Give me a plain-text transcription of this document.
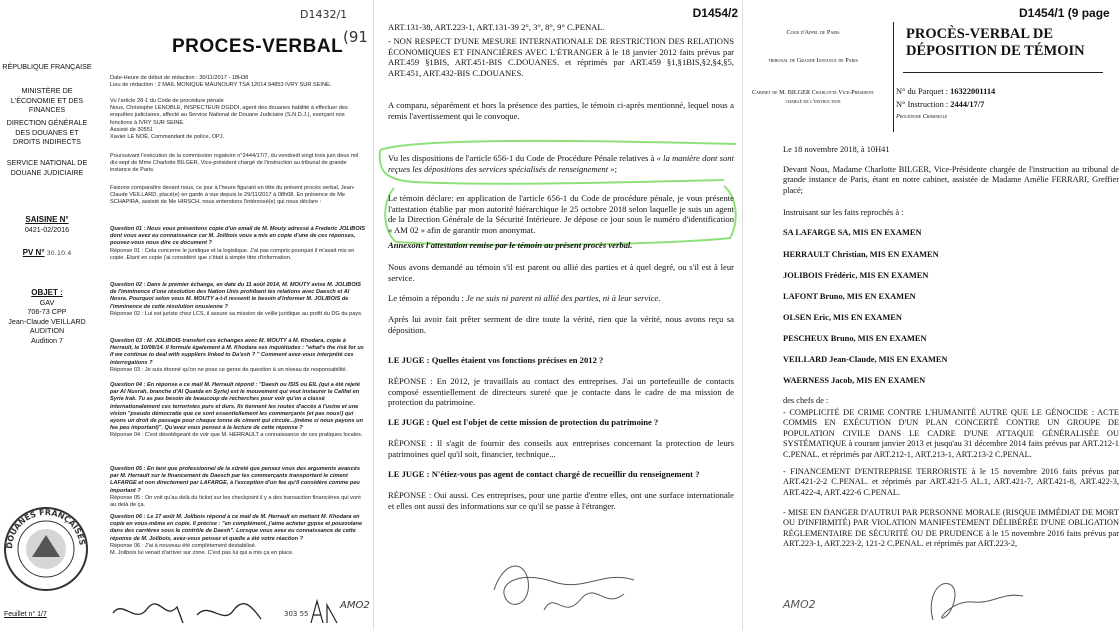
D1432/1
(91
PROCES-VERBAL
RÉPUBLIQUE FRANÇAISE
MINISTÈRE DE L'ÉCONOMIE ET DES FINANCES
DIRECTION GÉNÉRALE DES DOUANES ET DROITS INDIRECTS
SERVICE NATIONAL DE DOUANE JUDICIAIRE
SAISINE N°
0421-02/2016
PV N° 30.10.4
OBJET :
GAV
706-73 CPP
Jean-Claude VEILLARD
AUDITION
Audition 7
DOUANES FRANÇAISES
Feuillet n° 1/7
Date-Heure de début de rédaction : 30/11/2017 - 18H38
Lieu de rédaction : 2 MAIL MONIQUE MAUNOURY TSA 12014 94853 IVRY SUR SEINE.
Vu l'article 28-1 du Code de procédure pénale
Nous, Christophe LENOBLE, INSPECTEUR DGDDI, agent des douanes habilité à effectuer des enquêtes judiciaires, affecté au Service National de Douane Judiciaire (S.N.D.J.), exerçant nos fonctions à IVRY SUR SEINE.
Assisté de 30551
Xavier LE NOË, Commandant de police, OPJ.
Poursuivant l'exécution de la commission rogatoire n°2444/17/7, du vendredi vingt trois juin deux mil dix-sept de Mme Charlotte BILGER, Vice-président chargé de l'instruction au tribunal de grande instance de Paris.
Faisons comparaître devant nous, ce jour à l'heure figurant en tête du présent procès verbal, Jean-Claude VEILLARD, placé(e) en garde à vue depuis le 29/11/2017 à 08h08. En présence de Me SCHAPIRA, assisté de Me HIRSCH, nous entendons l'intéressé(e) qui nous déclare :
Question 01 : Nous vous présentons copie d'un email de M. Mouty adressé à Frederic JOLIBOIS dont vous avez eu connaissance car M. Jolibois vous a mis en copie d'une de ces réponses, pouvez-vous nous dire ce document ?
Réponse 01 : Cela concerne le juridique et la logistique. J'ai pas compris pourquoi il m'avait mis en copie. Etant en copie j'ai considéré que c'était à simple titre d'information.
Question 02 : Dans le premier échange, en date du 11 août 2014, M. MOUTY avise M. JOLIBOIS de l'imminence d'une résolution des Nation Unis prohibant les relations avec Daesch et Al Nosra. Pourquoi selon vous M. MOUTY a-t-il ressenti le besoin d'informer M. JOLIBOIS de l'imminence de cette résolution onusienne ?
Réponse 02 : Lui est juriste chez LCS, il assure sa mission de veille juridique au profit du DG du pays.
Question 03 : M. JOLIBOIS transfert ces échanges avec M. MOUTY à M. Khodara, copie à Herrault, le 10/08/14. Il formule également à M. Khodara ses inquiétudes : "what's the risk for us if we continue to deal with suppliers linked to Da'esh ? " Comment avez-vous interprété ces interrogations ?
Réponse 03 : Je suis étonné qu'on ne pose ce genre de question à un niveau de responsabilité.
Question 04 : En réponse a ce mail M. Herrault répond : "Daesh ou ISIS ou EIL (qui a été rejeté par Al Nusrah, branche d'Al Quaida en Syrie) est le mouvement qui veut instaurer le Califat en Syrie Irak. Tu as pas besoin de beaucoup de recherches pour voir qu'on a classé internationalement ces terroristes purs et durs. Ils tiennent les routes d'accès à l'usine et une vision "pseudo démocratie que ce sont essentiellement les commerçants (et pas nous!) qui ayons un droit de passage pour chaque tonne de ciment qui circule...(même si nous payons un fee peu important)". Qu'avez vous pensez à la lecture de cette réponse ?
Réponse 04 : C'est désobligeant de voir que M. HERRAULT a connaissance de ces pratiques locales.
Question 05 : En tant que professionnel de la sûreté que pensez vous des arguments avancés par M. Herrault sur le financement de Daesch par les commerçants transportant le ciment LAFARGE et non directement par LAFARGE, à l'exception d'un fee qu'il considère comme peu important ?
Réponse 05 : On voit qu'au delà du ticket sur les checkpoint il y a des transaction financières qui vont au delà de ça.
Question 06 : Le 17 août M. Jolibois répond à ce mail de M. Herrault en mettant M. Khodara en copie en vous-même en copie. Il précise : "en complément, j'aime acheter gypse et pouzzolane dans des carrières sous le contrôle de Daesh". Lorsque vous avez eu connaissance de cette réponse de M. Jolibois, avez-vous pensez et quelle a été votre réaction ?
Réponse 06 : J'ai à nouveau été complètement destabilisé.
M. Jolibois lui venait d'arriver sur zone. C'est pas lui qui a mis ça en place.
303 55
AMO2
D1454/2
ART.131-38, ART.223-1, ART.131-39 2°, 3°, 8°, 9° C.PENAL.
- NON RESPECT D'UNE MESURE INTERNATIONALE DE RESTRICTION DES RELATIONS ÉCONOMIQUES ET FINANCIÈRES AVEC L'ÉTRANGER à le 18 janvier 2012 faits prévus par ART.459 §1BIS, ART.451-BIS C.DOUANES. et réprimés par ART.459 §1,§1BIS,§2,§4,§5, ART.451, ART.432-BIS C.DOUANES.
A comparu, séparément et hors la présence des parties, le témoin ci-après mentionné, lequel nous a remis l'avertissement qui le convoque.
Vu les dispositions de l'article 656-1 du Code de Procédure Pénale relatives à « la manière dont sont reçues les dépositions des services spécialisés de renseignement »;
Le témoin déclare: en application de l'article 656-1 du Code de procédure pénale, je vous présente l'attestation établie par mon autorité hiérarchique le 25 octobre 2018 selon laquelle je suis un agent de la Direction Générale de la Sécurité Intérieure. Je dépose ce jour sous le numéro d'identification « AM 02 » afin de garantir mon anonymat.
Annexons l'attestation remise par le témoin au présent procès verbal.
Nous avons demandé au témoin s'il est parent ou allié des parties et à quel degré, ou s'il est à leur service.
Le témoin a répondu : Je ne suis ni parent ni allié des parties, ni à leur service.
Après lui avoir fait prêter serment de dire toute la vérité, rien que la vérité, nous avons reçu sa déposition.
LE JUGE : Quelles étaient vos fonctions précises en 2012 ?
RÉPONSE : En 2012, je travaillais au contact des entreprises. J'ai un portefeuille de contacts composé essentiellement de directeurs sureté que je contacte dans le cadre de ma mission de protection du patrimoine.
LE JUGE : Quel est l'objet de cette mission de protection du patrimoine ?
RÉPONSE : Il s'agit de fournir des conseils aux entreprises concernant la protection de leurs patrimoines quel qu'il soit, financier, technique...
LE JUGE : N'étiez-vous pas agent de contact chargé de recueillir du renseignement ?
RÉPONSE : Oui aussi. Ces entreprises, pour une partie d'entre elles, ont une surface internationale et elles ont aussi des informations sur ce qu'il se passe à l'étranger.
D1454/1 (9 page
Cour d'Appel de Paris
tribunal de Grande Instance de Paris
Cabinet de M. BILGER Charlotte Vice-Président chargé de l'instruction
PROCÈS-VERBAL DE
DÉPOSITION DE TÉMOIN
N° du Parquet : 16322001114
N° Instruction : 2444/17/7
Procédure Criminelle
Le 18 novembre 2018, à 10H41
Devant Nous, Madame Charlotte BILGER, Vice-Présidente chargée de l'instruction au tribunal de grande instance de Paris, étant en notre cabinet, assistée de Madame Amélie FERRARI, Greffier placé;
Instruisant sur les faits reprochés à :
SA LAFARGE SA, MIS EN EXAMEN
HERRAULT Christian, MIS EN EXAMEN
JOLIBOIS Frédéric, MIS EN EXAMEN
LAFONT Bruno, MIS EN EXAMEN
OLSEN Eric, MIS EN EXAMEN
PESCHEUX Bruno, MIS EN EXAMEN
VEILLARD Jean-Claude, MIS EN EXAMEN
WAERNESS Jacob, MIS EN EXAMEN
des chefs de :
- COMPLICITÉ DE CRIME CONTRE L'HUMANITÉ AUTRE QUE LE GÉNOCIDE : ACTE COMMIS EN EXÉCUTION D'UN PLAN CONCERTÉ CONTRE UN GROUPE DE POPULATION CIVILE DANS LE CADRE D'UNE ATTAQUE GÉNÉRALISÉE OU SYSTÉMATIQUE à courant janvier 2013 et jusqu'au 31 décembre 2014 faits prévus par ART.212-1 C.PENAL. et réprimés par ART.212-1, ART.213-1, ART.213-2 C.PENAL.
- FINANCEMENT D'ENTREPRISE TERRORISTE à le 15 novembre 2016 faits prévus par ART.421-2-2 C.PENAL. et réprimés par ART.421-5 AL.1, ART.421-7, ART.421-8, ART.422-3, ART.422-4, ART.422-6 C.PENAL.
- MISE EN DANGER D'AUTRUI PAR PERSONNE MORALE (RISQUE IMMÉDIAT DE MORT OU D'INFIRMITÉ) PAR VIOLATION MANIFESTEMENT DÉLIBÉRÉE D'UNE OBLIGATION RÉGLEMENTAIRE DE SÉCURITÉ OU DE PRUDENCE à le 15 novembre 2016 faits prévus par ART.223-1, ART.223-2, 121-2 C.PENAL. et réprimés par ART.223-2,
AMO2
